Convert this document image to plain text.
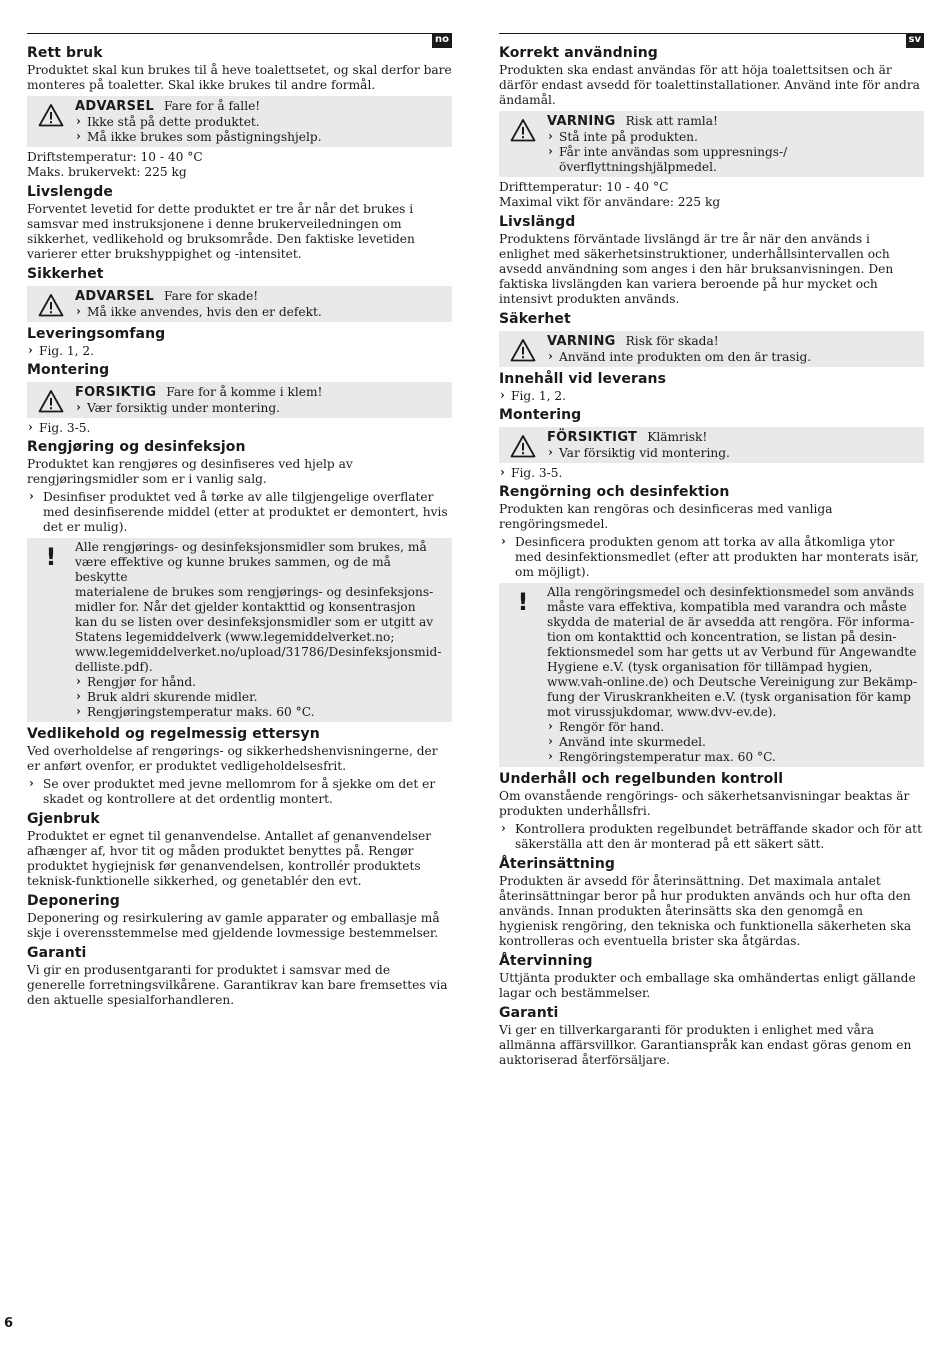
no
Rett bruk

Produktet skal kun brukes til å heve toalettsetet, og skal derfor bare monteres på toaletter. Skal ikke brukes til andre formål.

ADVARSEL Fare for å falle!
› Ikke stå på dette produktet.
› Må ikke brukes som påstigningshjelp.

Driftstemperatur: 10 - 40 °C

Maks. brukervekt: 225 kg

Livslengde

Forventet levetid for dette produktet er tre år når det brukes i samsvar med instruksjonene i denne brukerveiledningen om sikkerhet, vedlikehold og bruksområde. Den faktiske levetiden varierer etter brukshyppighet og -intensitet.

Sikkerhet
ADVARSEL Fare for skade!
› Må ikke anvendes, hvis den er defekt.
Leveringsomfang
› Fig. 1, 2.
Montering
FORSIKTIG Fare for å komme i klem!
› Vær forsiktig under montering.
› Fig. 3-5.
Rengjøring og desinfeksjon

Produktet kan rengjøres og desinfiseres ved hjelp av rengjøringsmidler som er i vanlig salg.

› Desinfiser produktet ved å tørke av alle tilgjengelige overflater med desinfiserende middel (etter at produktet er demontert, hvis det er mulig).
! Alle rengjørings- og desinfeksjonsmidler som brukes, må

være effektive og kunne brukes sammen, og de må beskytte

materialene de brukes som rengjørings- og desinfeksjons-

midler for. Når det gjelder kontakttid og konsentrasjon

kan du se listen over desinfeksjonsmidler som er utgitt av

Statens legemiddelverk (www.legemiddelverket.no;

www.legemiddelverket.no/upload/31786/Desinfeksjonsmid-

delliste.pdf).

› Rengjør for hånd.
› Bruk aldri skurende midler.
› Rengjøringstemperatur maks. 60 °C.
Vedlikehold og regelmessig ettersyn

Ved overholdelse af rengørings- og sikkerhedshenvisningerne, der er anført ovenfor, er produktet vedligeholdelsesfrit.

› Se over produktet med jevne mellomrom for å sjekke om det er skadet og kontrollere at det ordentlig montert.
Gjenbruk

Produktet er egnet til genanvendelse. Antallet af genanvendelser afhænger af, hvor tit og måden produktet benyttes på. Rengør produktet hygiejnisk før genanvendelsen, kontrollér produktets teknisk-funktionelle sikkerhed, og genetablér den evt.

Deponering

Deponering og resirkulering av gamle apparater og emballasje må skje i overensstemmelse med gjeldende lovmessige bestemmelser.

Garanti

Vi gir en produsentgaranti for produktet i samsvar med de generelle forretningsvilkårene. Garantikrav kan bare fremsettes via den aktuelle spesialforhandleren.

sv
Korrekt användning

Produkten ska endast användas för att höja toalettsitsen och är därför endast avsedd för toalettinstallationer. Använd inte för andra ändamål.

VARNING Risk att ramla!
› Stå inte på produkten.
› Får inte användas som uppresnings-/ överflyttningshjälpmedel.

Drifttemperatur: 10 - 40 °C

Maximal vikt för användare: 225 kg

Livslängd

Produktens förväntade livslängd är tre år när den används i enlighet med säkerhetsinstruktioner, underhållsintervallen och avsedd användning som anges i den här bruksanvisningen. Den faktiska livslängden kan variera beroende på hur mycket och intensivt produkten används.

Säkerhet
VARNING Risk för skada!
› Använd inte produkten om den är trasig.
Innehåll vid leverans
› Fig. 1, 2.
Montering
FÖRSIKTIGT Klämrisk!
› Var försiktig vid montering.
› Fig. 3-5.
Rengörning och desinfektion

Produkten kan rengöras och desinficeras med vanliga rengöringsmedel.

› Desinficera produkten genom att torka av alla åtkomliga ytor med desinfektionsmedlet (efter att produkten har monterats isär, om möjligt).
! Alla rengöringsmedel och desinfektionsmedel som används

måste vara effektiva, kompatibla med varandra och måste

skydda de material de är avsedda att rengöra. För informa-

tion om kontakttid och koncentration, se listan på desin-

fektionsmedel som har getts ut av Verbund für Angewandte

Hygiene e.V. (tysk organisation för tillämpad hygien,

www.vah-online.de) och Deutsche Vereinigung zur Bekämp-

fung der Viruskrankheiten e.V. (tysk organisation för kamp

mot virussjukdomar, www.dvv-ev.de).

› Rengör för hand.
› Använd inte skurmedel.
› Rengöringstemperatur max. 60 °C.
Underhåll och regelbunden kontroll

Om ovanstående rengörings- och säkerhetsanvisningar beaktas är produkten underhållsfri.

› Kontrollera produkten regelbundet beträffande skador och för att säkerställa att den är monterad på ett säkert sätt.
Återinsättning

Produkten är avsedd för återinsättning. Det maximala antalet återinsättningar beror på hur produkten används och hur ofta den används. Innan produkten återinsätts ska den genomgå en hygienisk rengöring, den tekniska och funktionella säkerheten ska kontrolleras och eventuella brister ska åtgärdas.

Återvinning

Uttjänta produkter och emballage ska omhändertas enligt gällande lagar och bestämmelser.

Garanti

Vi ger en tillverkargaranti för produkten i enlighet med våra allmänna affärsvillkor. Garantianspråk kan endast göras genom en auktoriserad återförsäljare.

6
